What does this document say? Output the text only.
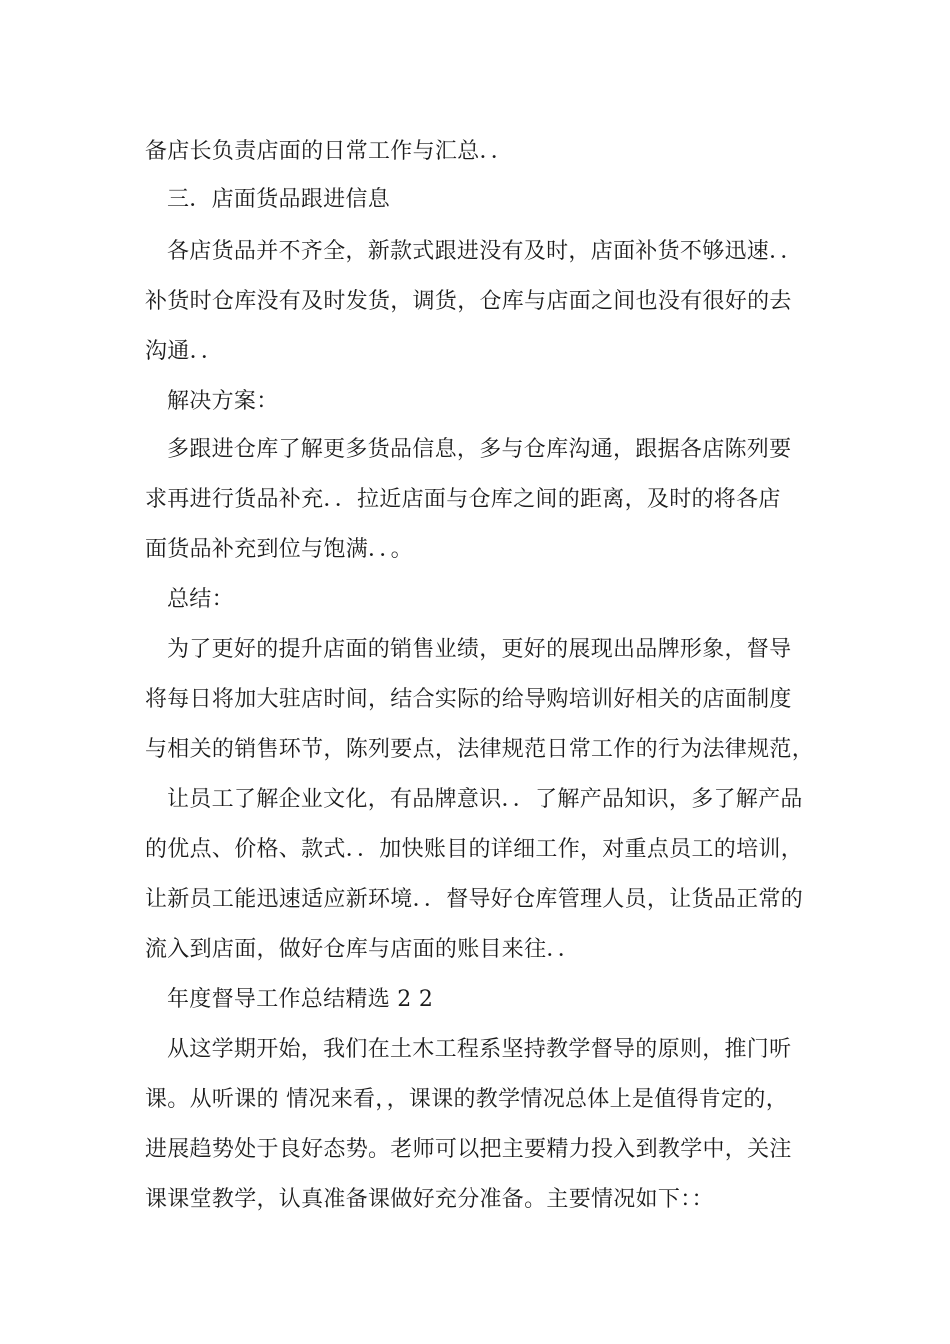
备店长负责店面的日常工作与汇总．．
三．店面货品跟进信息
各店货品并不齐全，新款式跟进没有及时，店面补货不够迅速．．
补货时仓库没有及时发货，调货，仓库与店面之间也没有很好的去
沟通．．
解决方案：
多跟进仓库了解更多货品信息，多与仓库沟通，跟据各店陈列要
求再进行货品补充．．拉近店面与仓库之间的距离，及时的将各店
面货品补充到位与饱满．．。
总结：
为了更好的提升店面的销售业绩，更好的展现出品牌形象，督导
将每日将加大驻店时间，结合实际的给导购培训好相关的店面制度
与相关的销售环节，陈列要点，法律规范日常工作的行为法律规范，
让员工了解企业文化，有品牌意识．．了解产品知识，多了解产品
的优点、价格、款式．．加快账目的详细工作，对重点员工的培训，
让新员工能迅速适应新环境．．督导好仓库管理人员，让货品正常的
流入到店面，做好仓库与店面的账目来往．．
年度督导工作总结精选 2 2
从这学期开始，我们在土木工程系坚持教学督导的原则，推门听
课。从听课的 情况来看，，课课的教学情况总体上是值得肯定的，
进展趋势处于良好态势。老师可以把主要精力投入到教学中，关注
课课堂教学，认真准备课做好充分准备。主要情况如下：：
